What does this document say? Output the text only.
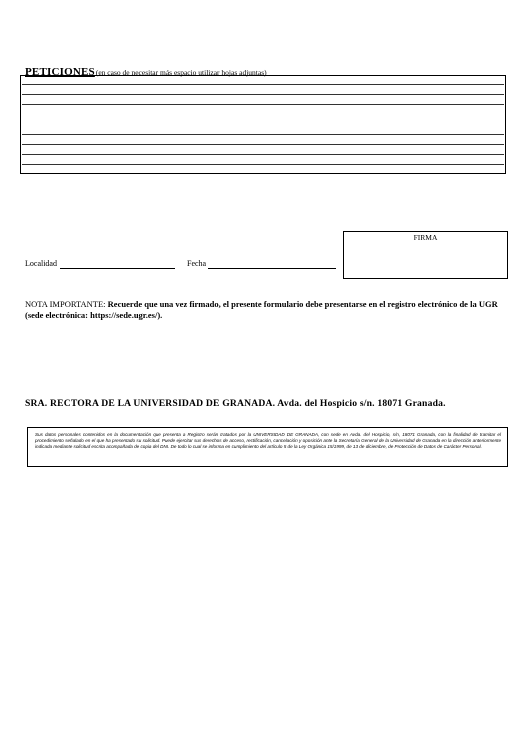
PETICIONES(en caso de necesitar más espacio utilizar hojas adjuntas)
FIRMA
Localidad	Fecha
NOTA IMPORTANTE: Recuerde que una vez firmado, el presente formulario debe presentarse en el registro electrónico de la UGR (sede electrónica: https://sede.ugr.es/).
SRA. RECTORA DE LA UNIVERSIDAD DE GRANADA. Avda. del Hospicio s/n. 18071 Granada.
Sus datos personales contenidos en la documentación que presenta a Registro serán tratados por la UNIVERSIDAD DE GRANADA, con sede en Avda. del Hospicio, s/n, 18071 Granada, con la finalidad de tramitar el procedimiento señalado en el que ha presentado su solicitud. Puede ejercitar sus derechos de acceso, rectificación, cancelación y oposición ante la Secretaría General de la Universidad de Granada en la dirección anteriormente indicada mediante solicitud escrita acompañada de copia del DNI. De todo lo cual se informa en cumplimiento del artículo 5 de la Ley Orgánica 15/1999, de 13 de diciembre, de Protección de Datos de Carácter Personal.
